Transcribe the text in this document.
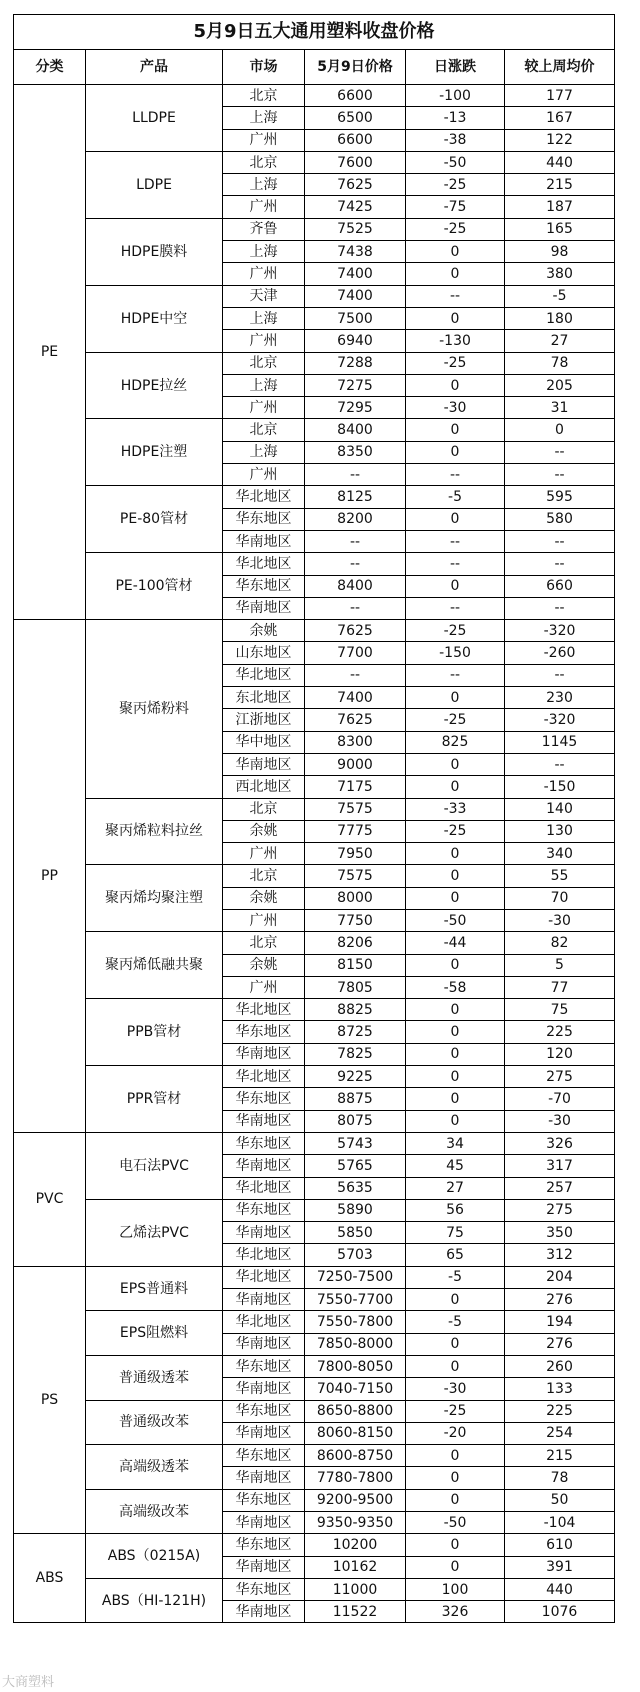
5月9日五大通用塑料收盘价格					
分类	产品	市场	5月9日价格	日涨跌	较上周均价
PE	LLDPE	北京	6600	-100	177
		上海	6500	-13	167
		广州	6600	-38	122
	LDPE	北京	7600	-50	440
		上海	7625	-25	215
		广州	7425	-75	187
	HDPE膜料	齐鲁	7525	-25	165
		上海	7438	0	98
		广州	7400	0	380
	HDPE中空	天津	7400	--	-5
		上海	7500	0	180
		广州	6940	-130	27
	HDPE拉丝	北京	7288	-25	78
		上海	7275	0	205
		广州	7295	-30	31
	HDPE注塑	北京	8400	0	0
		上海	8350	0	--
		广州	--	--	--
	PE-80管材	华北地区	8125	-5	595
		华东地区	8200	0	580
		华南地区	--	--	--
	PE-100管材	华北地区	--	--	--
		华东地区	8400	0	660
		华南地区	--	--	--
PP	聚丙烯粉料	余姚	7625	-25	-320
		山东地区	7700	-150	-260
		华北地区	--	--	--
		东北地区	7400	0	230
		江浙地区	7625	-25	-320
		华中地区	8300	825	1145
		华南地区	9000	0	--
		西北地区	7175	0	-150
	聚丙烯粒料拉丝	北京	7575	-33	140
		余姚	7775	-25	130
		广州	7950	0	340
	聚丙烯均聚注塑	北京	7575	0	55
		余姚	8000	0	70
		广州	7750	-50	-30
	聚丙烯低融共聚	北京	8206	-44	82
		余姚	8150	0	5
		广州	7805	-58	77
	PPB管材	华北地区	8825	0	75
		华东地区	8725	0	225
		华南地区	7825	0	120
	PPR管材	华北地区	9225	0	275
		华东地区	8875	0	-70
		华南地区	8075	0	-30
PVC	电石法PVC	华东地区	5743	34	326
		华南地区	5765	45	317
		华北地区	5635	27	257
	乙烯法PVC	华东地区	5890	56	275
		华南地区	5850	75	350
		华北地区	5703	65	312
PS	EPS普通料	华北地区	7250-7500	-5	204
		华南地区	7550-7700	0	276
	EPS阻燃料	华北地区	7550-7800	-5	194
		华南地区	7850-8000	0	276
	普通级透苯	华东地区	7800-8050	0	260
		华南地区	7040-7150	-30	133
	普通级改苯	华东地区	8650-8800	-25	225
		华南地区	8060-8150	-20	254
	高端级透苯	华东地区	8600-8750	0	215
		华南地区	7780-7800	0	78
	高端级改苯	华东地区	9200-9500	0	50
		华南地区	9350-9350	-50	-104
ABS	ABS（0215A)	华东地区	10200	0	610
		华南地区	10162	0	391
	ABS（HI-121H)	华东地区	11000	100	440
		华南地区	11522	326	1076
大商塑料
